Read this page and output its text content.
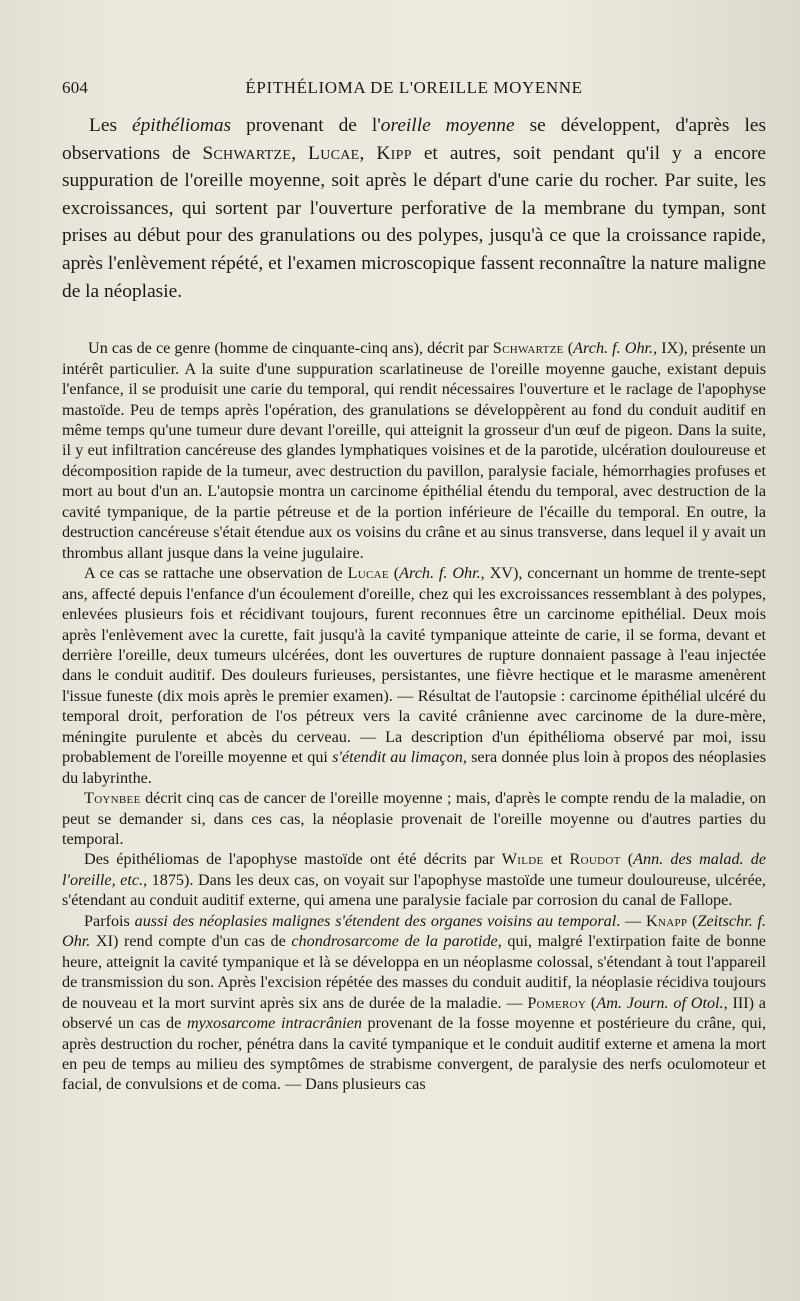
604	ÉPITHÉLIOMA DE L'OREILLE MOYENNE

Les épithéliomas provenant de l'oreille moyenne se développent, d'après les observations de Schwartze, Lucae, Kipp et autres, soit pendant qu'il y a encore suppuration de l'oreille moyenne, soit après le départ d'une carie du rocher. Par suite, les excroissances, qui sortent par l'ouverture perforative de la membrane du tympan, sont prises au début pour des granulations ou des polypes, jusqu'à ce que la croissance rapide, après l'enlèvement répété, et l'examen microscopique fassent reconnaître la nature maligne de la néoplasie.

Un cas de ce genre (homme de cinquante-cinq ans), décrit par Schwartze (Arch. f. Ohr., IX), présente un intérêt particulier. A la suite d'une suppuration scarlatineuse de l'oreille moyenne gauche, existant depuis l'enfance, il se produisit une carie du temporal, qui rendit nécessaires l'ouverture et le raclage de l'apophyse mastoïde. Peu de temps après l'opération, des granulations se développèrent au fond du conduit auditif en même temps qu'une tumeur dure devant l'oreille, qui atteignit la grosseur d'un œuf de pigeon. Dans la suite, il y eut infiltration cancéreuse des glandes lymphatiques voisines et de la parotide, ulcération douloureuse et décomposition rapide de la tumeur, avec destruction du pavillon, paralysie faciale, hémorrhagies profuses et mort au bout d'un an. L'autopsie montra un carcinome épithélial étendu du temporal, avec destruction de la cavité tympanique, de la partie pétreuse et de la portion inférieure de l'écaille du temporal. En outre, la destruction cancéreuse s'était étendue aux os voisins du crâne et au sinus transverse, dans lequel il y avait un thrombus allant jusque dans la veine jugulaire.

A ce cas se rattache une observation de Lucae (Arch. f. Ohr., XV), concernant un homme de trente-sept ans, affecté depuis l'enfance d'un écoulement d'oreille, chez qui les excroissances ressemblant à des polypes, enlevées plusieurs fois et récidivant toujours, furent reconnues être un carcinome epithélial. Deux mois après l'enlèvement avec la curette, fait jusqu'à la cavité tympanique atteinte de carie, il se forma, devant et derrière l'oreille, deux tumeurs ulcérées, dont les ouvertures de rupture donnaient passage à l'eau injectée dans le conduit auditif. Des douleurs furieuses, persistantes, une fièvre hectique et le marasme amenèrent l'issue funeste (dix mois après le premier examen). — Résultat de l'autopsie : carcinome épithélial ulcéré du temporal droit, perforation de l'os pétreux vers la cavité crânienne avec carcinome de la dure-mère, méningite purulente et abcès du cerveau. — La description d'un épithélioma observé par moi, issu probablement de l'oreille moyenne et qui s'étendit au limaçon, sera donnée plus loin à propos des néoplasies du labyrinthe.

Toynbee décrit cinq cas de cancer de l'oreille moyenne ; mais, d'après le compte rendu de la maladie, on peut se demander si, dans ces cas, la néoplasie provenait de l'oreille moyenne ou d'autres parties du temporal.

Des épithéliomas de l'apophyse mastoïde ont été décrits par Wilde et Roudot (Ann. des malad. de l'oreille, etc., 1875). Dans les deux cas, on voyait sur l'apophyse mastoïde une tumeur douloureuse, ulcérée, s'étendant au conduit auditif externe, qui amena une paralysie faciale par corrosion du canal de Fallope.

Parfois aussi des néoplasies malignes s'étendent des organes voisins au temporal. — Knapp (Zeitschr. f. Ohr. XI) rend compte d'un cas de chondrosarcome de la parotide, qui, malgré l'extirpation faite de bonne heure, atteignit la cavité tympanique et là se développa en un néoplasme colossal, s'étendant à tout l'appareil de transmission du son. Après l'excision répétée des masses du conduit auditif, la néoplasie récidiva toujours de nouveau et la mort survint après six ans de durée de la maladie. — Pomeroy (Am. Journ. of Otol., III) a observé un cas de myxosarcome intracrânien provenant de la fosse moyenne et postérieure du crâne, qui, après destruction du rocher, pénétra dans la cavité tympanique et le conduit auditif externe et amena la mort en peu de temps au milieu des symptômes de strabisme convergent, de paralysie des nerfs oculomoteur et facial, de convulsions et de coma. — Dans plusieurs cas
